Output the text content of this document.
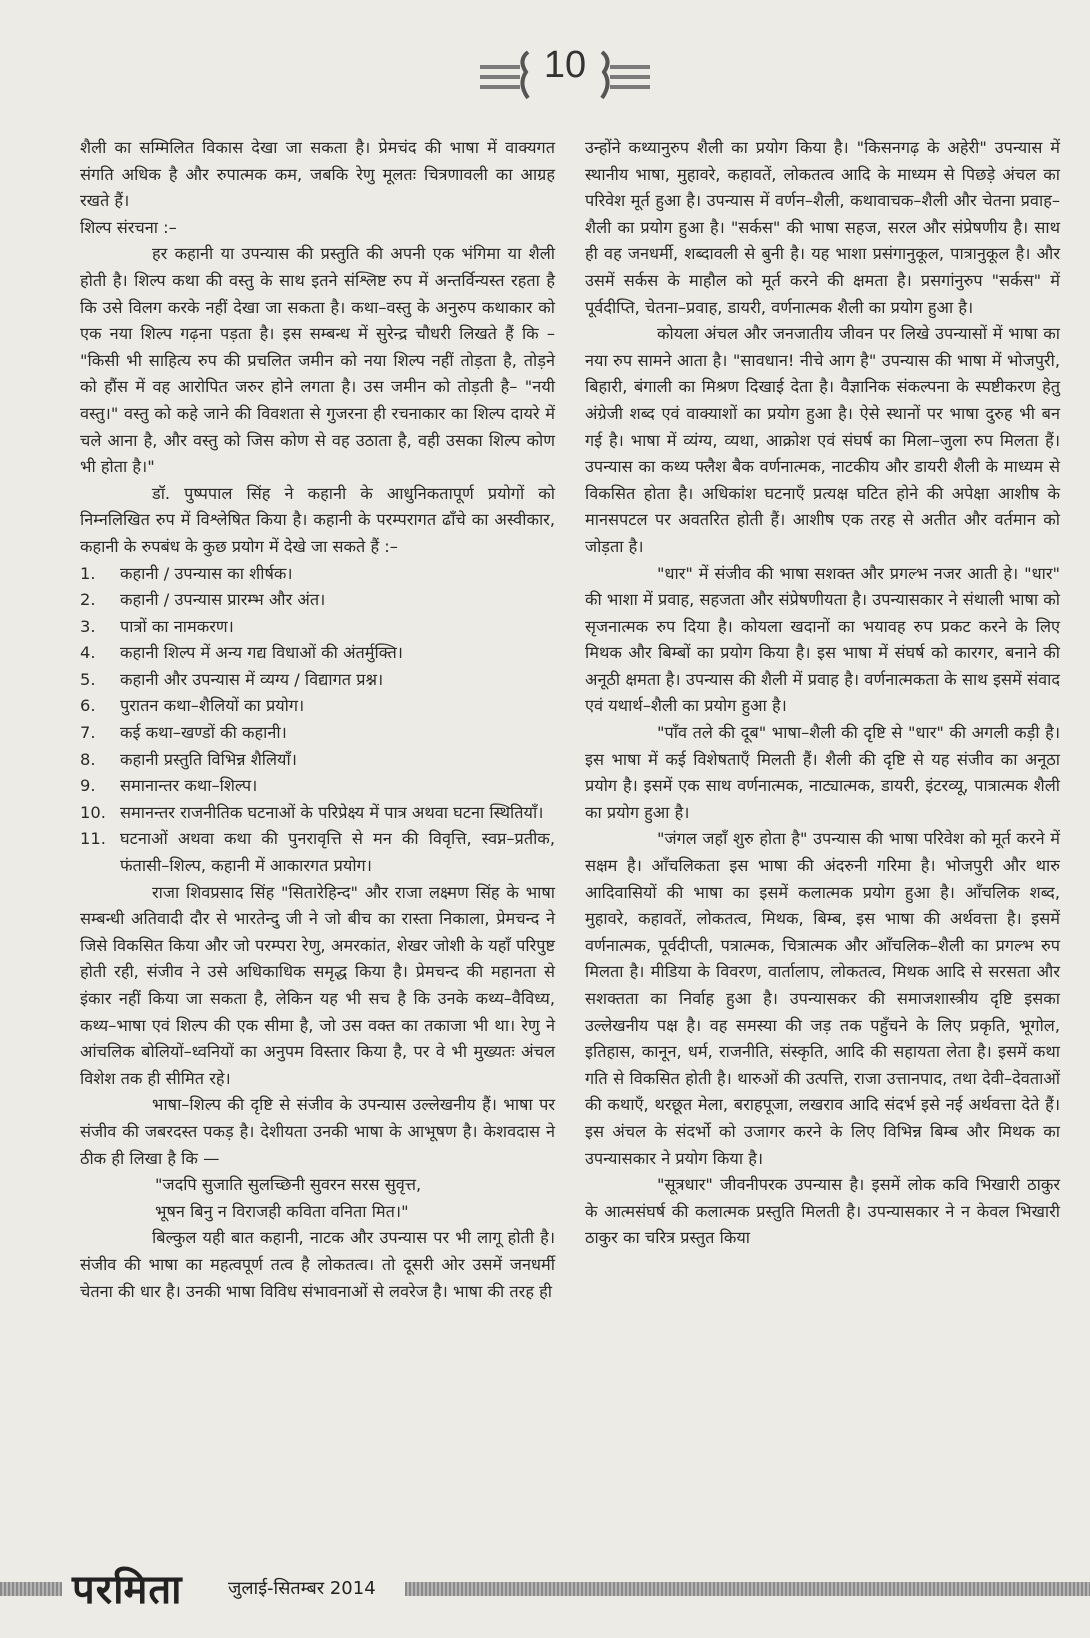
10

शैली का सम्मिलित विकास देखा जा सकता है। प्रेमचंद की भाषा में वाक्यगत संगति अधिक है और रुपात्मक कम, जबकि रेणु मूलतः चित्रणावली का आग्रह रखते हैं।

शिल्प संरचना :–

हर कहानी या उपन्यास की प्रस्तुति की अपनी एक भंगिमा या शैली होती है। शिल्प कथा की वस्तु के साथ इतने संश्लिष्ट रुप में अन्तर्विन्यस्त रहता है कि उसे विलग करके नहीं देखा जा सकता है। कथा–वस्तु के अनुरुप कथाकार को एक नया शिल्प गढ़ना पड़ता है। इस सम्बन्ध में सुरेन्द्र चौधरी लिखते हैं कि – "किसी भी साहित्य रुप की प्रचलित जमीन को नया शिल्प नहीं तोड़ता है, तोड़ने को हौंस में वह आरोपित जरुर होने लगता है। उस जमीन को तोड़ती है– "नयी वस्तु।" वस्तु को कहे जाने की विवशता से गुजरना ही रचनाकार का शिल्प दायरे में चले आना है, और वस्तु को जिस कोण से वह उठाता है, वही उसका शिल्प कोण भी होता है।"

डॉ. पुष्पपाल सिंह ने कहानी के आधुनिकतापूर्ण प्रयोगों को निम्नलिखित रुप में विश्लेषित किया है। कहानी के परम्परागत ढाँचे का अस्वीकार, कहानी के रुपबंध के कुछ प्रयोग में देखे जा सकते हैं :–

1.	कहानी / उपन्यास का शीर्षक।
2.	कहानी / उपन्यास प्रारम्भ और अंत।
3.	पात्रों का नामकरण।
4.	कहानी शिल्प में अन्य गद्य विधाओं की अंतर्मुक्ति।
5.	कहानी और उपन्यास में व्यग्य / विद्यागत प्रश्न।
6.	पुरातन कथा–शैलियों का प्रयोग।
7.	कई कथा–खण्डों की कहानी।
8.	कहानी प्रस्तुति विभिन्न शैलियाँ।
9.	समानान्तर कथा–शिल्प।
10. समानन्तर राजनीतिक घटनाओं के परिप्रेक्ष्य में पात्र अथवा घटना स्थितियाँ।
11. घटनाओं अथवा कथा की पुनरावृत्ति से मन की विवृत्ति, स्वप्न–प्रतीक, फंतासी–शिल्प, कहानी में आकारगत प्रयोग।

राजा शिवप्रसाद सिंह "सितारेहिन्द" और राजा लक्ष्मण सिंह के भाषा सम्बन्धी अतिवादी दौर से भारतेन्दु जी ने जो बीच का रास्ता निकाला, प्रेमचन्द ने जिसे विकसित किया और जो परम्परा रेणु, अमरकांत, शेखर जोशी के यहाँ परिपुष्ट होती रही, संजीव ने उसे अधिकाधिक समृद्ध किया है। प्रेमचन्द की महानता से इंकार नहीं किया जा सकता है, लेकिन यह भी सच है कि उनके कथ्य–वैविध्य, कथ्य–भाषा एवं शिल्प की एक सीमा है, जो उस वक्त का तकाजा भी था। रेणु ने आंचलिक बोलियों–ध्वनियों का अनुपम विस्तार किया है, पर वे भी मुख्यतः अंचल विशेश तक ही सीमित रहे।

भाषा–शिल्प की दृष्टि से संजीव के उपन्यास उल्लेखनीय हैं। भाषा पर संजीव की जबरदस्त पकड़ है। देशीयता उनकी भाषा के आभूषण है। केशवदास ने ठीक ही लिखा है कि —

"जदपि सुजाति सुलच्छिनी सुवरन सरस सुवृत्त,

भूषन बिनु न विराजही कविता वनिता मित।"

बिल्कुल यही बात कहानी, नाटक और उपन्यास पर भी लागू होती है। संजीव की भाषा का महत्वपूर्ण तत्व है लोकतत्व। तो दूसरी ओर उसमें जनधर्मी चेतना की धार है। उनकी भाषा विविध संभावनाओं से लवरेज है। भाषा की तरह ही

उन्होंने कथ्यानुरुप शैली का प्रयोग किया है। "किसनगढ़ के अहेरी" उपन्यास में स्थानीय भाषा, मुहावरे, कहावतें, लोकतत्व आदि के माध्यम से पिछड़े अंचल का परिवेश मूर्त हुआ है। उपन्यास में वर्णन–शैली, कथावाचक–शैली और चेतना प्रवाह–शैली का प्रयोग हुआ है। "सर्कस" की भाषा सहज, सरल और संप्रेषणीय है। साथ ही वह जनधर्मी, शब्दावली से बुनी है। यह भाशा प्रसंगानुकूल, पात्रानुकूल है। और उसमें सर्कस के माहौल को मूर्त करने की क्षमता है। प्रसगांनुरुप "सर्कस" में पूर्वदीप्ति, चेतना–प्रवाह, डायरी, वर्णनात्मक शैली का प्रयोग हुआ है।

कोयला अंचल और जनजातीय जीवन पर लिखे उपन्यासों में भाषा का नया रुप सामने आता है। "सावधान! नीचे आग है" उपन्यास की भाषा में भोजपुरी, बिहारी, बंगाली का मिश्रण दिखाई देता है। वैज्ञानिक संकल्पना के स्पष्टीकरण हेतु अंग्रेजी शब्द एवं वाक्याशों का प्रयोग हुआ है। ऐसे स्थानों पर भाषा दुरुह भी बन गई है। भाषा में व्यंग्य, व्यथा, आक्रोश एवं संघर्ष का मिला–जुला रुप मिलता हैं। उपन्यास का कथ्य फ्लैश बैक वर्णनात्मक, नाटकीय और डायरी शैली के माध्यम से विकसित होता है। अधिकांश घटनाएँ प्रत्यक्ष घटित होने की अपेक्षा आशीष के मानसपटल पर अवतरित होती हैं। आशीष एक तरह से अतीत और वर्तमान को जोड़ता है।

"धार" में संजीव की भाषा सशक्त और प्रगल्भ नजर आती हे। "धार" की भाशा में प्रवाह, सहजता और संप्रेषणीयता है। उपन्यासकार ने संथाली भाषा को सृजनात्मक रुप दिया है। कोयला खदानों का भयावह रुप प्रकट करने के लिए मिथक और बिम्बों का प्रयोग किया है। इस भाषा में संघर्ष को कारगर, बनाने की अनूठी क्षमता है। उपन्यास की शैली में प्रवाह है। वर्णनात्मकता के साथ इसमें संवाद एवं यथार्थ–शैली का प्रयोग हुआ है।

"पाँव तले की दूब" भाषा–शैली की दृष्टि से "धार" की अगली कड़ी है। इस भाषा में कई विशेषताएँ मिलती हैं। शैली की दृष्टि से यह संजीव का अनूठा प्रयोग है। इसमें एक साथ वर्णनात्मक, नाट्यात्मक, डायरी, इंटरव्यू, पात्रात्मक शैली का प्रयोग हुआ है।

"जंगल जहाँ शुरु होता है" उपन्यास की भाषा परिवेश को मूर्त करने में सक्षम है। आँचलिकता इस भाषा की अंदरुनी गरिमा है। भोजपुरी और थारु आदिवासियों की भाषा का इसमें कलात्मक प्रयोग हुआ है। आँचलिक शब्द, मुहावरे, कहावतें, लोकतत्व, मिथक, बिम्ब, इस भाषा की अर्थवत्ता है। इसमें वर्णनात्मक, पूर्वदीप्ती, पत्रात्मक, चित्रात्मक और आँचलिक–शैली का प्रगल्भ रुप मिलता है। मीडिया के विवरण, वार्तालाप, लोकतत्व, मिथक आदि से सरसता और सशक्तता का निर्वाह हुआ है। उपन्यासकर की समाजशास्त्रीय दृष्टि इसका उल्लेखनीय पक्ष है। वह समस्या की जड़ तक पहुँचने के लिए प्रकृति, भूगोल, इतिहास, कानून, धर्म, राजनीति, संस्कृति, आदि की सहायता लेता है। इसमें कथा गति से विकसित होती है। थारुओं की उत्पत्ति, राजा उत्तानपाद, तथा देवी–देवताओं की कथाएँ, थरछूत मेला, बराहपूजा, लखराव आदि संदर्भ इसे नई अर्थवत्ता देते हैं। इस अंचल के संदर्भो को उजागर करने के लिए विभिन्न बिम्ब और मिथक का उपन्यासकार ने प्रयोग किया है।

"सूत्रधार" जीवनीपरक उपन्यास है। इसमें लोक कवि भिखारी ठाकुर के आत्मसंघर्ष की कलात्मक प्रस्तुति मिलती है। उपन्यासकार ने न केवल भिखारी ठाकुर का चरित्र प्रस्तुत किया

परमिता	जुलाई-सितम्बर 2014
